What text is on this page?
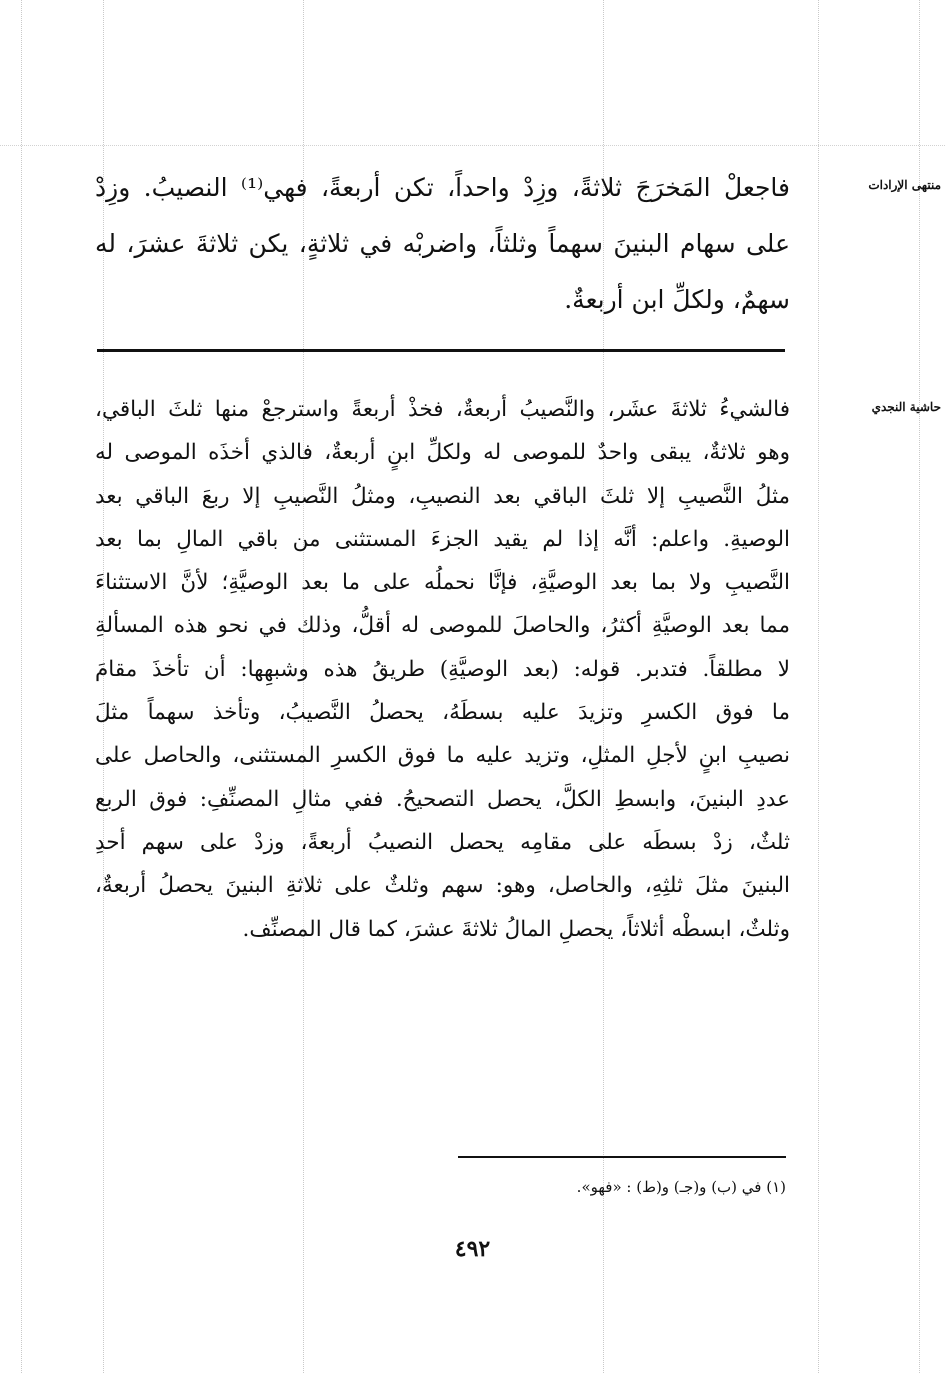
منتهى الإرادات
فاجعلْ المَخرَجَ ثلاثةً، وزِدْ واحداً، تكن أربعةً، فهي⁽¹⁾ النصيبُ. وزِدْ
على سهام البنينَ سهماً وثلثاً، واضربْه في ثلاثةٍ، يكن ثلاثةَ عشرَ، له
سهمٌ، ولكلِّ ابن أربعةٌ.
حاشية النجدي
فالشيءُ ثلاثةَ عشَر، والنَّصيبُ أربعةٌ، فخذْ أربعةً واسترجعْ منها ثلثَ الباقي،
وهو ثلاثةٌ، يبقى واحدٌ للموصى له ولكلِّ ابنٍ أربعةٌ، فالذي أخذَه الموصى له
مثلُ النَّصيبِ إلا ثلثَ الباقي بعد النصيبِ، ومثلُ النَّصيبِ إلا ربعَ الباقي بعد
الوصيةِ. واعلم: أنَّه إذا لم يقيد الجزءَ المستثنى من باقي المالِ بما بعد
النَّصيبِ ولا بما بعد الوصيَّةِ، فإنَّا نحملُه على ما بعد الوصيَّةِ؛ لأنَّ الاستثناءَ
مما بعد الوصيَّةِ أكثرُ، والحاصلَ للموصى له أقلُّ، وذلك في نحو هذه المسألةِ
لا مطلقاً. فتدبر. قوله: (بعد الوصيَّةِ) طريقُ هذه وشبهِها: أن تأخذَ مقامَ
ما فوق الكسرِ وتزيدَ عليه بسطَهُ، يحصلُ النَّصيبُ، وتأخذ سهماً مثلَ
نصيبِ ابنٍ لأجلِ المثلِ، وتزيد عليه ما فوق الكسرِ المستثنى، والحاصل على
عددِ البنينَ، وابسطِ الكلَّ، يحصل التصحيحُ. ففي مثالِ المصنِّفِ: فوق الربع
ثلثٌ، زدْ بسطَه على مقامِه يحصل النصيبُ أربعةً، وزدْ على سهم أحدِ
البنينَ مثلَ ثلثِهِ، والحاصل، وهو: سهم وثلثٌ على ثلاثةِ البنينَ يحصلُ أربعةٌ،
وثلثٌ، ابسطْه أثلاثاً، يحصلِ المالُ ثلاثةَ عشرَ، كما قال المصنِّف.
(١) في (ب) و(جـ) و(ط) : «فهو».
٤٩٢
